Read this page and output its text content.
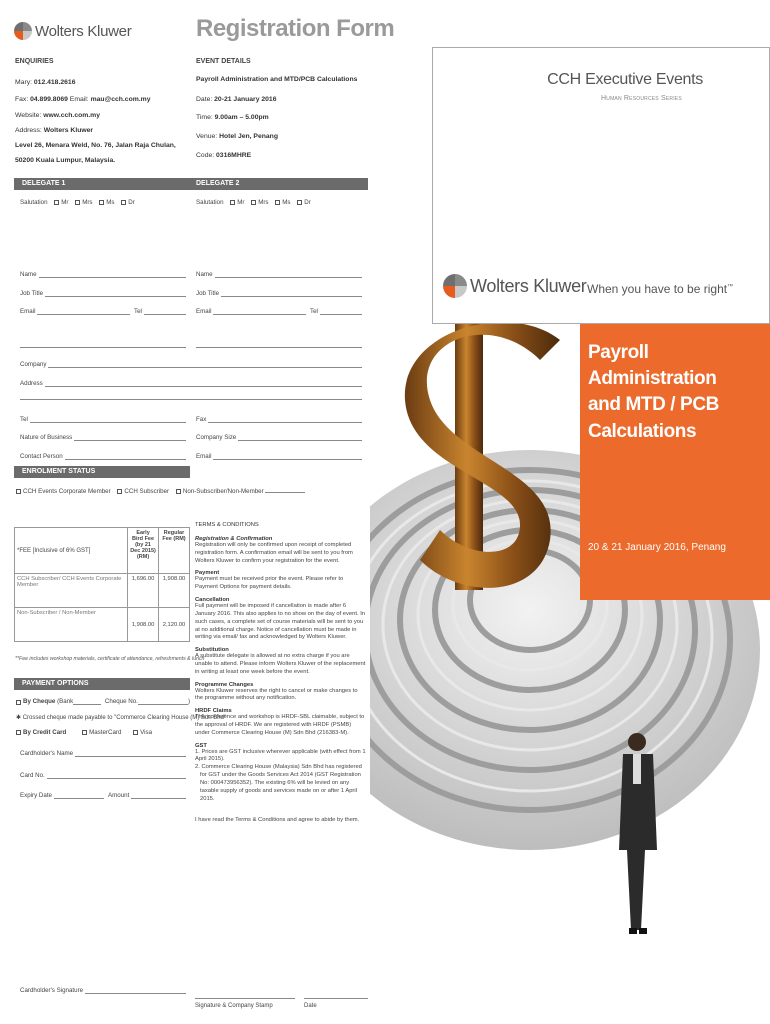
Wolters Kluwer	Registration Form
ENQUIRIES
Mary: 012.418.2616
Fax: 04.899.8069 Email: mau@cch.com.my
Website: www.cch.com.my
Address: Wolters Kluwer
Level 26, Menara Weld, No. 76, Jalan Raja Chulan,
50200 Kuala Lumpur, Malaysia.
EVENT DETAILS
Payroll Administration and MTD/PCB Calculations
Date: 20-21 January 2016
Time: 9.00am – 5.00pm
Venue: Hotel Jen, Penang
Code: 0316MHRE
DELEGATE 1	DELEGATE 2
Salutation Mr Mrs Ms Dr	Salutation Mr Mrs Ms Dr
Name
Job Title
Email	Tel
Name
Job Title
Email	Tel
Company
Address
Tel	Fax
Nature of Business	Company Size
Contact Person	Email
ENROLMENT STATUS
CCH Events Corporate Member CCH Subscriber Non-Subscriber/Non-Member
*FEE [Inclusive of 6% GST]	Early Bird Fee (by 21 Dec 2015) (RM)	Regular Fee (RM)
CCH Subscriber/ CCH Events Corporate Member	1,696.00	1,908.00
Non-Subscriber / Non-Member	1,908.00	2,120.00
**Fee includes workshop materials, certificate of attendance, refreshments & lunch
PAYMENT OPTIONS
By Cheque
(Bank	Cheque No.	)
✱ Crossed cheque made payable to "Commerce Clearing House (M) Sdn Bhd"
By Credit Card	MasterCard	Visa
Cardholder's Name
Card No.
Expiry Date	Amount
Cardholder's Signature
TERMS & CONDITIONS
Registration & Confirmation
Registration will only be confirmed upon receipt of completed registration form. A confirmation email will be sent to you from Wolters Kluwer to confirm your registration for the event.
Payment
Payment must be received prior the event. Please refer to Payment Options for payment details.
Cancellation
Full payment will be imposed if cancellation is made after 6 January 2016. This also applies to no show on the day of event. In such cases, a complete set of course materials will be sent to you at no additional charge. Notice of cancellation must be made in writing via email/ fax and acknowledged by Wolters Kluwer.
Substitution
A substitute delegate is allowed at no extra charge if you are unable to attend. Please inform Wolters Kluwer of the replacement in writing at least one week before the event.
Programme Changes
Wolters Kluwer reserves the right to cancel or make changes to the programme without any notification.
HRDF Claims
This conference and workshop is HRDF-SBL claimable, subject to the approval of HRDF. We are registered with HRDF (PSMB) under Commerce Clearing House (M) Sdn Bhd (216383-M).
GST
1. Prices are GST inclusive wherever applicable (with effect from 1 April 2015).
2. Commerce Clearing House (Malaysia) Sdn Bhd has registered for GST under the Goods Services Act 2014 (GST Registration No: 000473956352). The existing 6% will be levied on any taxable supply of goods and services made on or after 1 April 2015.
I have read the Terms & Conditions and agree to abide by them.
Signature & Company Stamp	Date
CCH Executive Events
Human Resources Series
Wolters Kluwer When you have to be right™
Payroll
Administration
and MTD / PCB
Calculations
20 & 21 January 2016, Penang
